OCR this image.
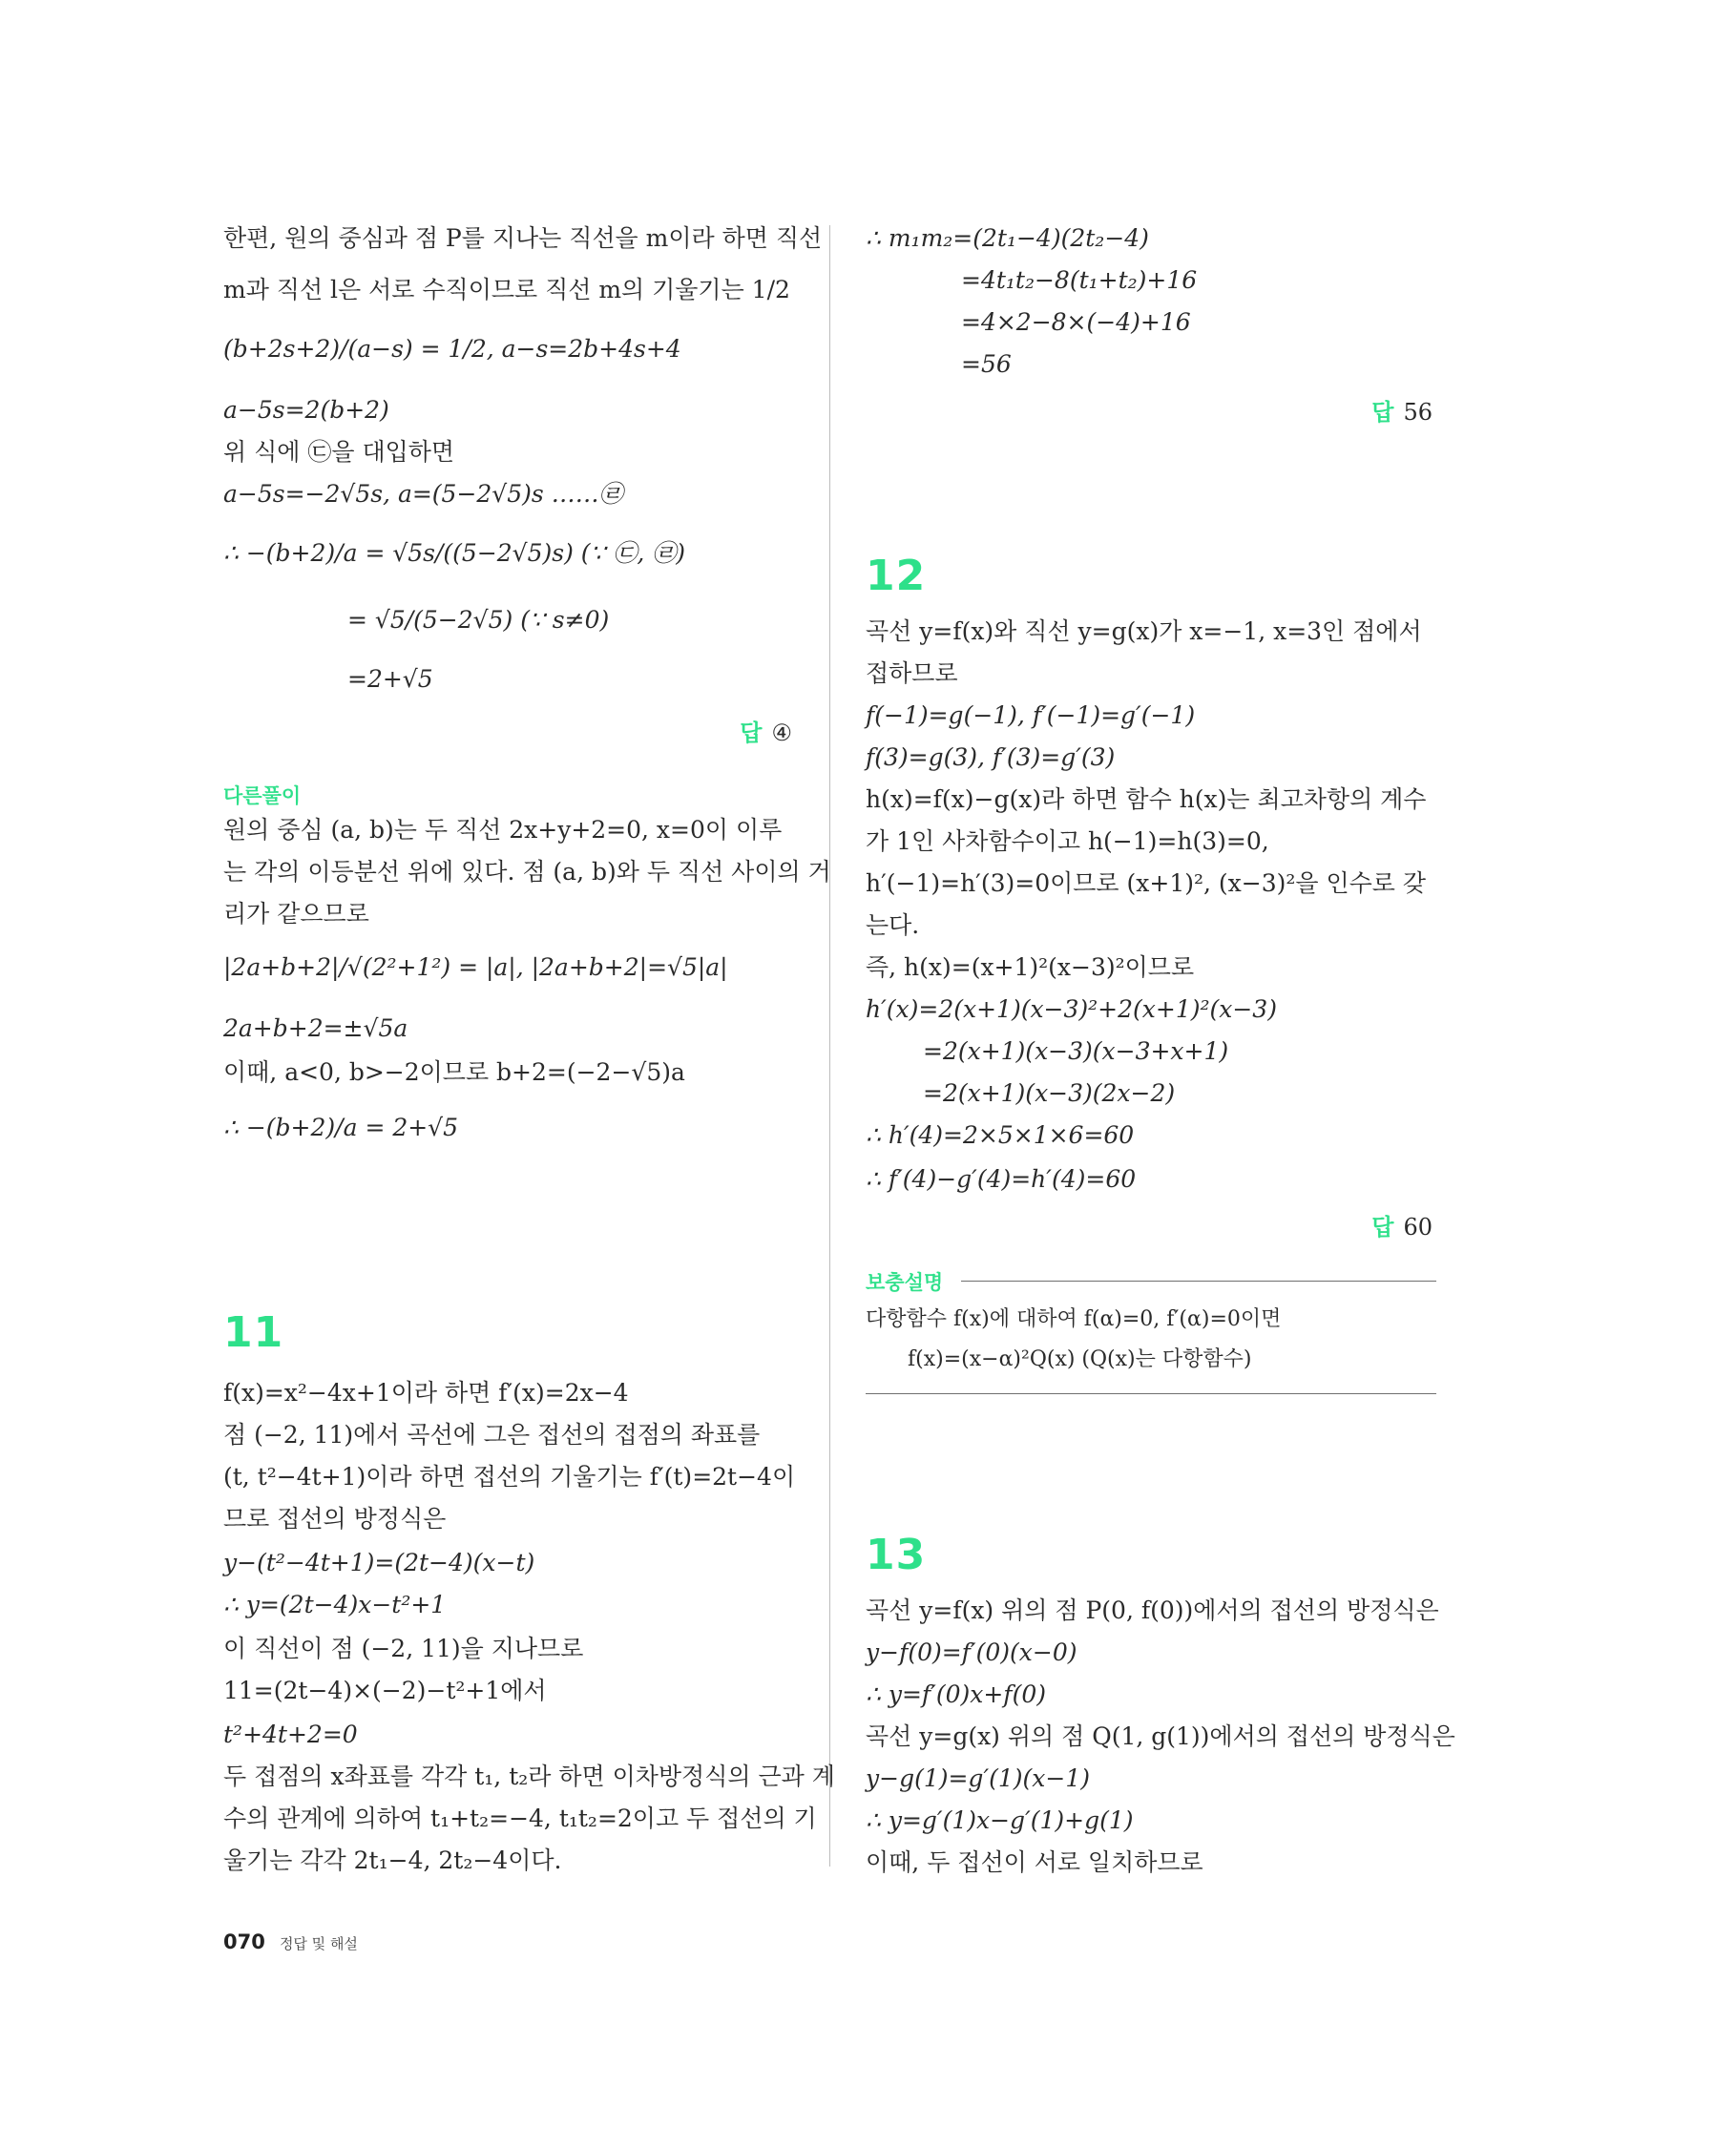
한편, 원의 중심과 점 P를 지나는 직선을 m이라 하면 직선
m과 직선 l은 서로 수직이므로 직선 m의 기울기는 1/2
(b+2s+2)/(a−s) = 1/2, a−s=2b+4s+4
a−5s=2(b+2)
위 식에 ㉢을 대입하면
a−5s=−2√5s, a=(5−2√5)s ……㉣
∴ −(b+2)/a = √5s/((5−2√5)s) (∵ ㉢, ㉣)
= √5/(5−2√5) (∵ s≠0)
=2+√5
답 ④
다른풀이
원의 중심 (a, b)는 두 직선 2x+y+2=0, x=0이 이루
는 각의 이등분선 위에 있다. 점 (a, b)와 두 직선 사이의 거
리가 같으므로
|2a+b+2|/√(2²+1²) = |a|, |2a+b+2|=√5|a|
2a+b+2=±√5a
이때, a<0, b>−2이므로 b+2=(−2−√5)a
∴ −(b+2)/a = 2+√5
11
f(x)=x²−4x+1이라 하면 f′(x)=2x−4
점 (−2, 11)에서 곡선에 그은 접선의 접점의 좌표를
(t, t²−4t+1)이라 하면 접선의 기울기는 f′(t)=2t−4이
므로 접선의 방정식은
y−(t²−4t+1)=(2t−4)(x−t)
∴ y=(2t−4)x−t²+1
이 직선이 점 (−2, 11)을 지나므로
11=(2t−4)×(−2)−t²+1에서
t²+4t+2=0
두 접점의 x좌표를 각각 t₁, t₂라 하면 이차방정식의 근과 계
수의 관계에 의하여 t₁+t₂=−4, t₁t₂=2이고 두 접선의 기
울기는 각각 2t₁−4, 2t₂−4이다.
∴ m₁m₂=(2t₁−4)(2t₂−4)
=4t₁t₂−8(t₁+t₂)+16
=4×2−8×(−4)+16
=56
답 56
12
곡선 y=f(x)와 직선 y=g(x)가 x=−1, x=3인 점에서
접하므로
f(−1)=g(−1), f′(−1)=g′(−1)
f(3)=g(3), f′(3)=g′(3)
h(x)=f(x)−g(x)라 하면 함수 h(x)는 최고차항의 계수
가 1인 사차함수이고 h(−1)=h(3)=0,
h′(−1)=h′(3)=0이므로 (x+1)², (x−3)²을 인수로 갖
는다.
즉, h(x)=(x+1)²(x−3)²이므로
h′(x)=2(x+1)(x−3)²+2(x+1)²(x−3)
=2(x+1)(x−3)(x−3+x+1)
=2(x+1)(x−3)(2x−2)
∴ h′(4)=2×5×1×6=60
∴ f′(4)−g′(4)=h′(4)=60
답 60
보충설명
다항함수 f(x)에 대하여 f(α)=0, f′(α)=0이면
f(x)=(x−α)²Q(x) (Q(x)는 다항함수)
13
곡선 y=f(x) 위의 점 P(0, f(0))에서의 접선의 방정식은
y−f(0)=f′(0)(x−0)
∴ y=f′(0)x+f(0)
곡선 y=g(x) 위의 점 Q(1, g(1))에서의 접선의 방정식은
y−g(1)=g′(1)(x−1)
∴ y=g′(1)x−g′(1)+g(1)
이때, 두 접선이 서로 일치하므로
070 정답 및 해설
